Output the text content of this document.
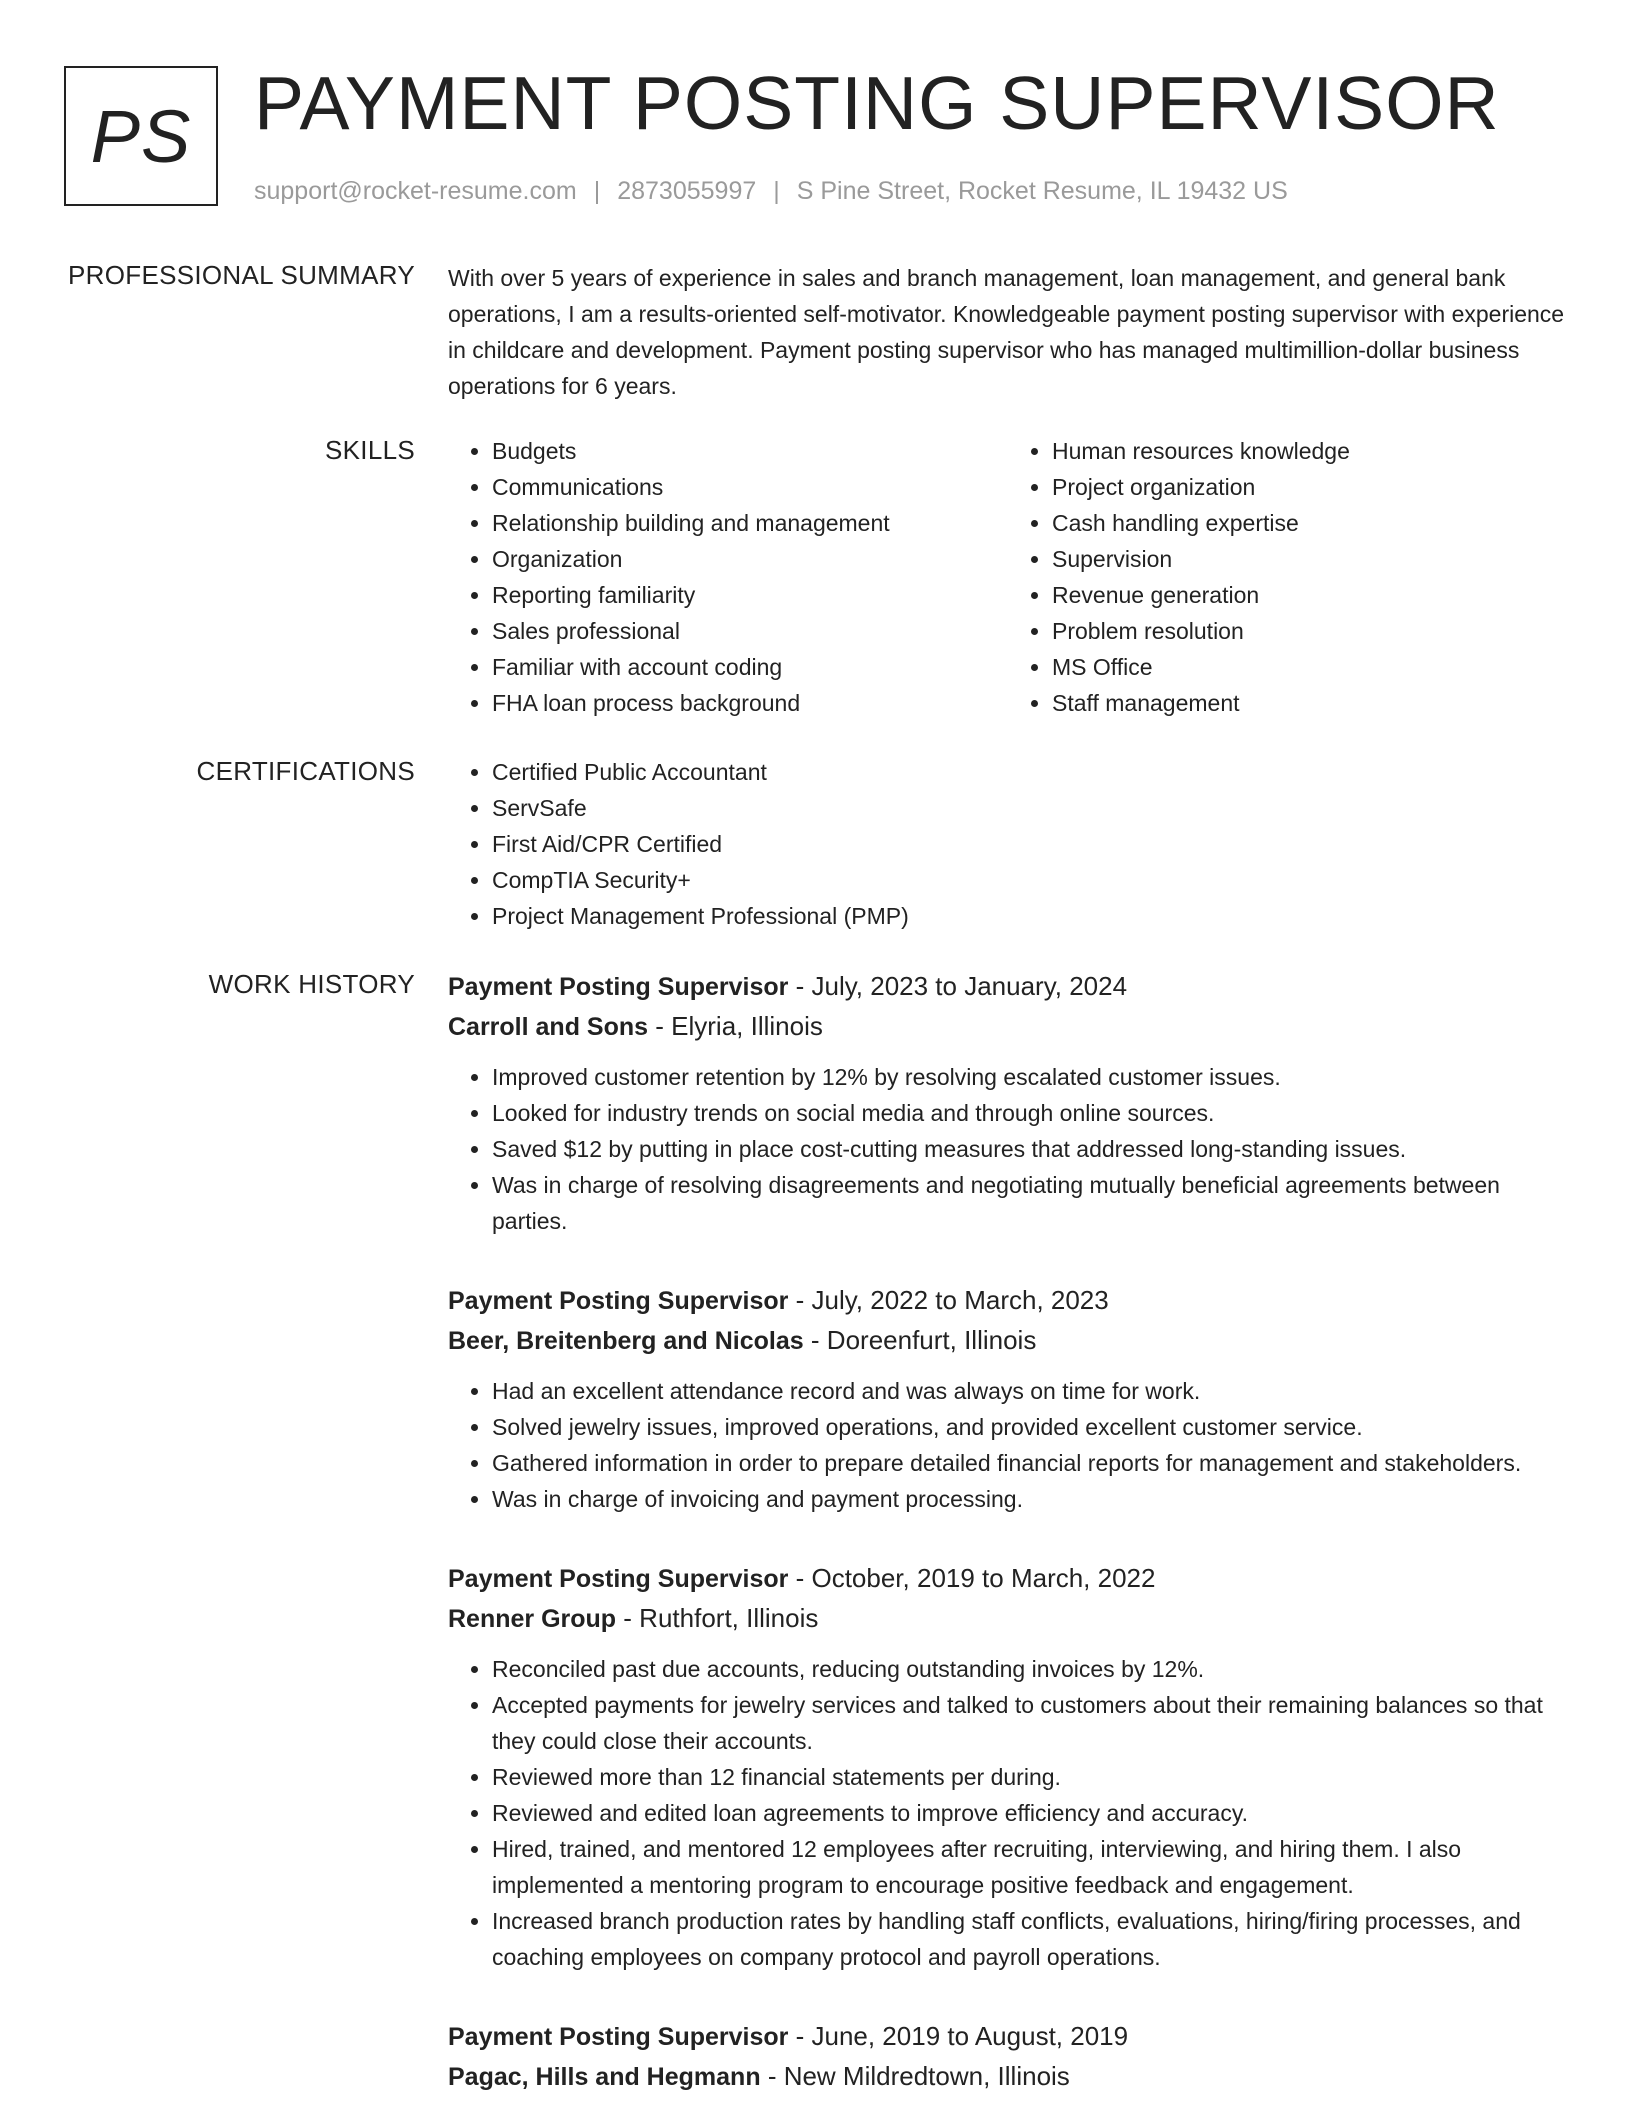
PS PAYMENT POSTING SUPERVISOR
support@rocket-resume.com | 2873055997 | S Pine Street, Rocket Resume, IL 19432 US
PROFESSIONAL SUMMARY With over 5 years of experience in sales and branch management, loan management, and general bank operations, I am a results-oriented self-motivator. Knowledgeable payment posting supervisor with experience in childcare and development. Payment posting supervisor who has managed multimillion-dollar business operations for 6 years.
SKILLS	• Budgets
• Communications
• Relationship building and management
• Organization
• Reporting familiarity
• Sales professional
• Familiar with account coding
• FHA loan process background
• Human resources knowledge
• Project organization
• Cash handling expertise
• Supervision
• Revenue generation
• Problem resolution
• MS Office
• Staff management
CERTIFICATIONS	• Certified Public Accountant
• ServSafe
• First Aid/CPR Certified
• CompTIA Security+
• Project Management Professional (PMP)
WORK HISTORY Payment Posting Supervisor - July, 2023 to January, 2024
Carroll and Sons - Elyria, Illinois
• Improved customer retention by 12% by resolving escalated customer issues.
• Looked for industry trends on social media and through online sources.
• Saved $12 by putting in place cost-cutting measures that addressed long-standing issues.
• Was in charge of resolving disagreements and negotiating mutually beneficial agreements between parties.
Payment Posting Supervisor - July, 2022 to March, 2023
Beer, Breitenberg and Nicolas - Doreenfurt, Illinois
• Had an excellent attendance record and was always on time for work.
• Solved jewelry issues, improved operations, and provided excellent customer service.
• Gathered information in order to prepare detailed financial reports for management and stakeholders.
• Was in charge of invoicing and payment processing.
Payment Posting Supervisor - October, 2019 to March, 2022
Renner Group - Ruthfort, Illinois
• Reconciled past due accounts, reducing outstanding invoices by 12%.
• Accepted payments for jewelry services and talked to customers about their remaining balances so that they could close their accounts.
• Reviewed more than 12 financial statements per during.
• Reviewed and edited loan agreements to improve efficiency and accuracy.
• Hired, trained, and mentored 12 employees after recruiting, interviewing, and hiring them. I also implemented a mentoring program to encourage positive feedback and engagement.
• Increased branch production rates by handling staff conflicts, evaluations, hiring/firing processes, and coaching employees on company protocol and payroll operations.
Payment Posting Supervisor - June, 2019 to August, 2019
Pagac, Hills and Hegmann - New Mildredtown, Illinois
